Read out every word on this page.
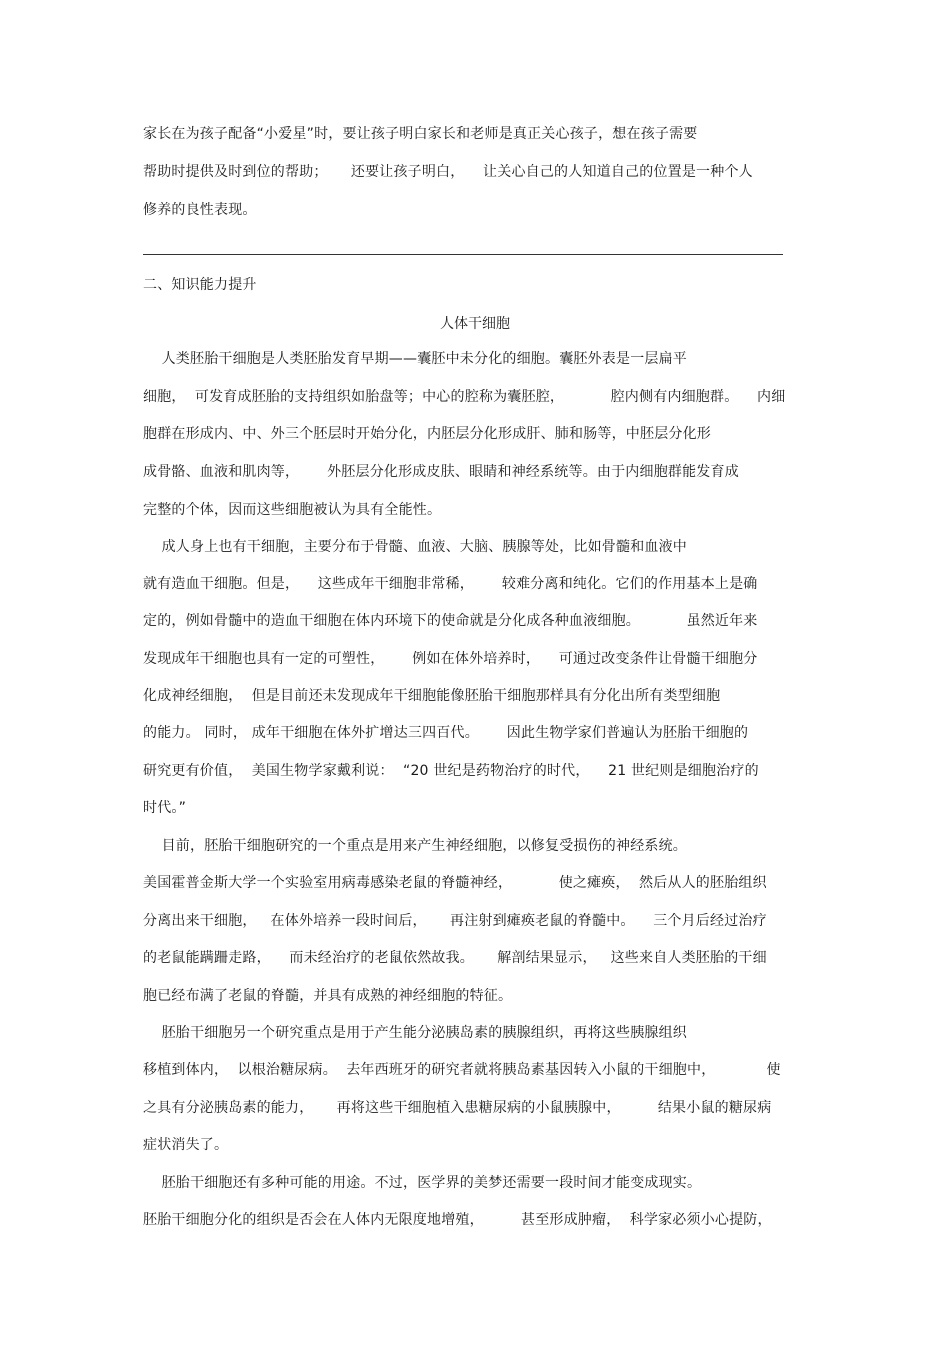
家长在为孩子配备“小爱星”时，要让孩子明白家长和老师是真正关心孩子，想在孩子需要
帮助时提供及时到位的帮助；     还要让孩子明白，    让关心自己的人知道自己的位置是一种个人
修养的良性表现。
二、知识能力提升
人体干细胞
人类胚胎干细胞是人类胚胎发育早期——囊胚中未分化的细胞。囊胚外表是一层扁平
细胞，  可发育成胚胎的支持组织如胎盘等；中心的腔称为囊胚腔，          腔内侧有内细胞群。    内细
胞群在形成内、中、外三个胚层时开始分化，内胚层分化形成肝、肺和肠等，中胚层分化形
成骨骼、血液和肌肉等，      外胚层分化形成皮肤、眼睛和神经系统等。由于内细胞群能发育成
完整的个体，因而这些细胞被认为具有全能性。
成人身上也有干细胞，主要分布于骨髓、血液、大脑、胰腺等处，比如骨髓和血液中
就有造血干细胞。但是，    这些成年干细胞非常稀，      较难分离和纯化。它们的作用基本上是确
定的，例如骨髓中的造血干细胞在体内环境下的使命就是分化成各种血液细胞。          虽然近年来
发现成年干细胞也具有一定的可塑性，      例如在体外培养时，    可通过改变条件让骨髓干细胞分
化成神经细胞，  但是目前还未发现成年干细胞能像胚胎干细胞那样具有分化出所有类型细胞
的能力。 同时， 成年干细胞在体外扩增达三四百代。      因此生物学家们普遍认为胚胎干细胞的
研究更有价值，  美国生物学家戴利说：  “20 世纪是药物治疗的时代，    21 世纪则是细胞治疗的
时代。”
目前，胚胎干细胞研究的一个重点是用来产生神经细胞，以修复受损伤的神经系统。
美国霍普金斯大学一个实验室用病毒感染老鼠的脊髓神经，          使之瘫痪，  然后从人的胚胎组织
分离出来干细胞，   在体外培养一段时间后，     再注射到瘫痪老鼠的脊髓中。    三个月后经过治疗
的老鼠能蹒跚走路，    而未经治疗的老鼠依然故我。     解剖结果显示，   这些来自人类胚胎的干细
胞已经布满了老鼠的脊髓，并具有成熟的神经细胞的特征。
胚胎干细胞另一个研究重点是用于产生能分泌胰岛素的胰腺组织，再将这些胰腺组织
移植到体内，  以根治糖尿病。  去年西班牙的研究者就将胰岛素基因转入小鼠的干细胞中，           使
之具有分泌胰岛素的能力，     再将这些干细胞植入患糖尿病的小鼠胰腺中，        结果小鼠的糖尿病
症状消失了。
胚胎干细胞还有多种可能的用途。不过，医学界的美梦还需要一段时间才能变成现实。
胚胎干细胞分化的组织是否会在人体内无限度地增殖，        甚至形成肿瘤，  科学家必须小心提防，
